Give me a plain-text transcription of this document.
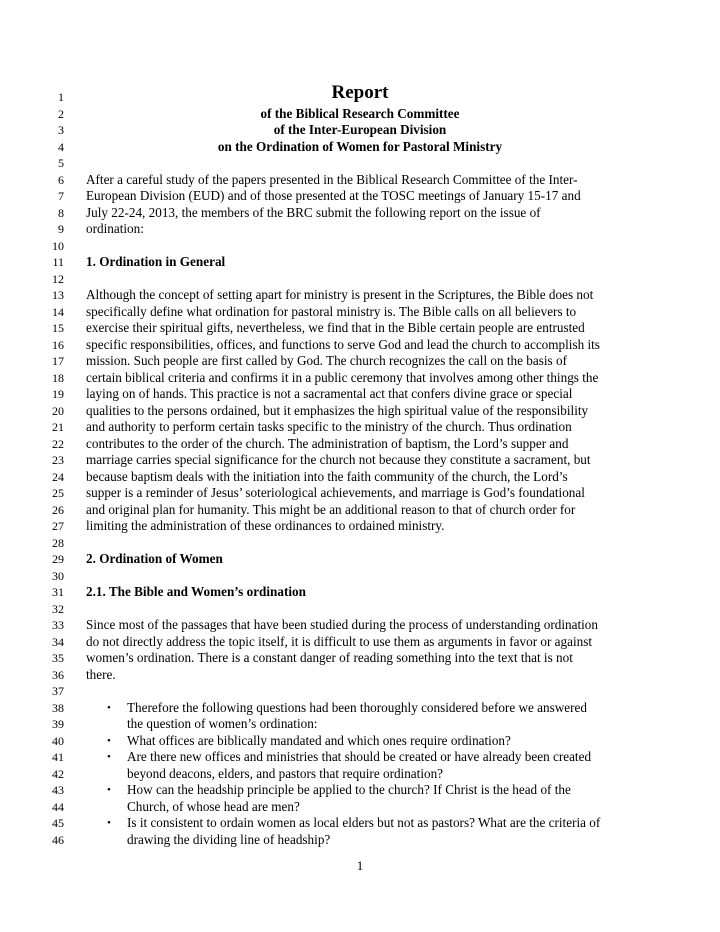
1	Report
2	of the Biblical Research Committee
3	of the Inter-European Division
4	on the Ordination of Women for Pastoral Ministry
5
6 After a careful study of the papers presented in the Biblical Research Committee of the Inter-
7 European Division (EUD) and of those presented at the TOSC meetings of January 15-17 and
8 July 22-24, 2013, the members of the BRC submit the following report on the issue of
9 ordination:
10
11 1. Ordination in General
12
13 Although the concept of setting apart for ministry is present in the Scriptures, the Bible does not
14 specifically define what ordination for pastoral ministry is. The Bible calls on all believers to
15 exercise their spiritual gifts, nevertheless, we find that in the Bible certain people are entrusted
16 specific responsibilities, offices, and functions to serve God and lead the church to accomplish its
17 mission. Such people are first called by God. The church recognizes the call on the basis of
18 certain biblical criteria and confirms it in a public ceremony that involves among other things the
19 laying on of hands. This practice is not a sacramental act that confers divine grace or special
20 qualities to the persons ordained, but it emphasizes the high spiritual value of the responsibility
21 and authority to perform certain tasks specific to the ministry of the church. Thus ordination
22 contributes to the order of the church. The administration of baptism, the Lord’s supper and
23 marriage carries special significance for the church not because they constitute a sacrament, but
24 because baptism deals with the initiation into the faith community of the church, the Lord’s
25 supper is a reminder of Jesus’ soteriological achievements, and marriage is God’s foundational
26 and original plan for humanity. This might be an additional reason to that of church order for
27 limiting the administration of these ordinances to ordained ministry.
28
29 2. Ordination of Women
30
31 2.1. The Bible and Women’s ordination
32
33 Since most of the passages that have been studied during the process of understanding ordination
34 do not directly address the topic itself, it is difficult to use them as arguments in favor or against
35 women’s ordination. There is a constant danger of reading something into the text that is not
36 there.
37
38	•	Therefore the following questions had been thoroughly considered before we answered
39	the question of women’s ordination:
40	•	What offices are biblically mandated and which ones require ordination?
41	•	Are there new offices and ministries that should be created or have already been created
42	beyond deacons, elders, and pastors that require ordination?
43	•	How can the headship principle be applied to the church? If Christ is the head of the
44	Church, of whose head are men?
45	•	Is it consistent to ordain women as local elders but not as pastors? What are the criteria of
46	drawing the dividing line of headship?
1
